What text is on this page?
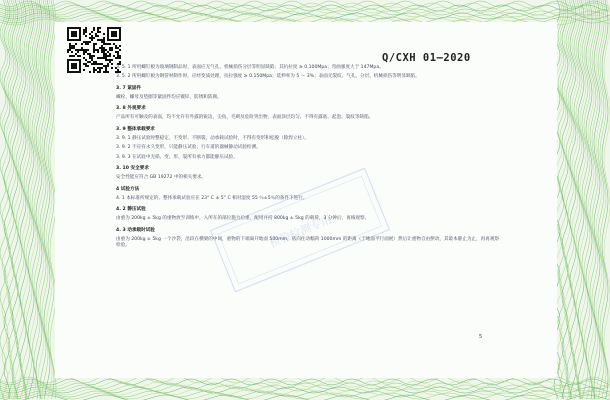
Q/CXH 01—2020
检验检测专用
3. 5. 1 所用螺钉板为玻璃钢制品时，表面应无气孔、机械损伤分层等明显缺陷；其抗拉度 ≥ 0.100Mpa；弯曲强度大于 147Mpa。
3. 5. 2 所用螺钉板为钢管材制作时，应经变质处理，抗拉强度 ≥ 0.150Mpa；延伸率为 5 ～ 3%；表面无裂纹、气孔、分层、机械损伤等明显缺陷。
3. 7 紧固件
螺栓、螺母及垫圈等紧固件均应镀锌，防锈和防腐。
3. 8 外观要求
产品所有可触及的表面，均不允许有外露的锐边、尖角、毛刺及危险突出物，表面涂层均匀，不得有露底、起泡、裂纹等缺陷。
3. 9 整体承载要求
3. 9. 1 静压试验时整稳定，不变形、不断裂，动承载试验时，不得有变形和松脱（除焊立柱）。
3. 9. 2 不应有永久变形，只能静压试验；行车道的器械静动试验检测。
3. 9. 3 在试验中无损、变、形、裂所有承力都能静压试验。
3. 10 安全要求
安全性能应符合 GB 19272 中的相关要求。
4 试验方法
4. 1 本标准所规定的、整体承载试验应在 23° C ± 5° C 相对湿度 55 ％±5％的条件下进行。
4. 2 静压试验
由重为 200kg ± 5kg 的重物放至训练中，入所在的部位施力后重，配用并持 800kg ± 5kg 的载荷，3 分钟后，再核观察。
4. 3 动承载时试验
由重为 200kg ± 5kg 一个沙袋，沿段在横梁的中间，重物的下端离开地面 500mm，依向往动幅荷 1000mm 的距离（于地面平行面展）然后让重物自由摆动，其最本静止为止，再再观察检验。
5
